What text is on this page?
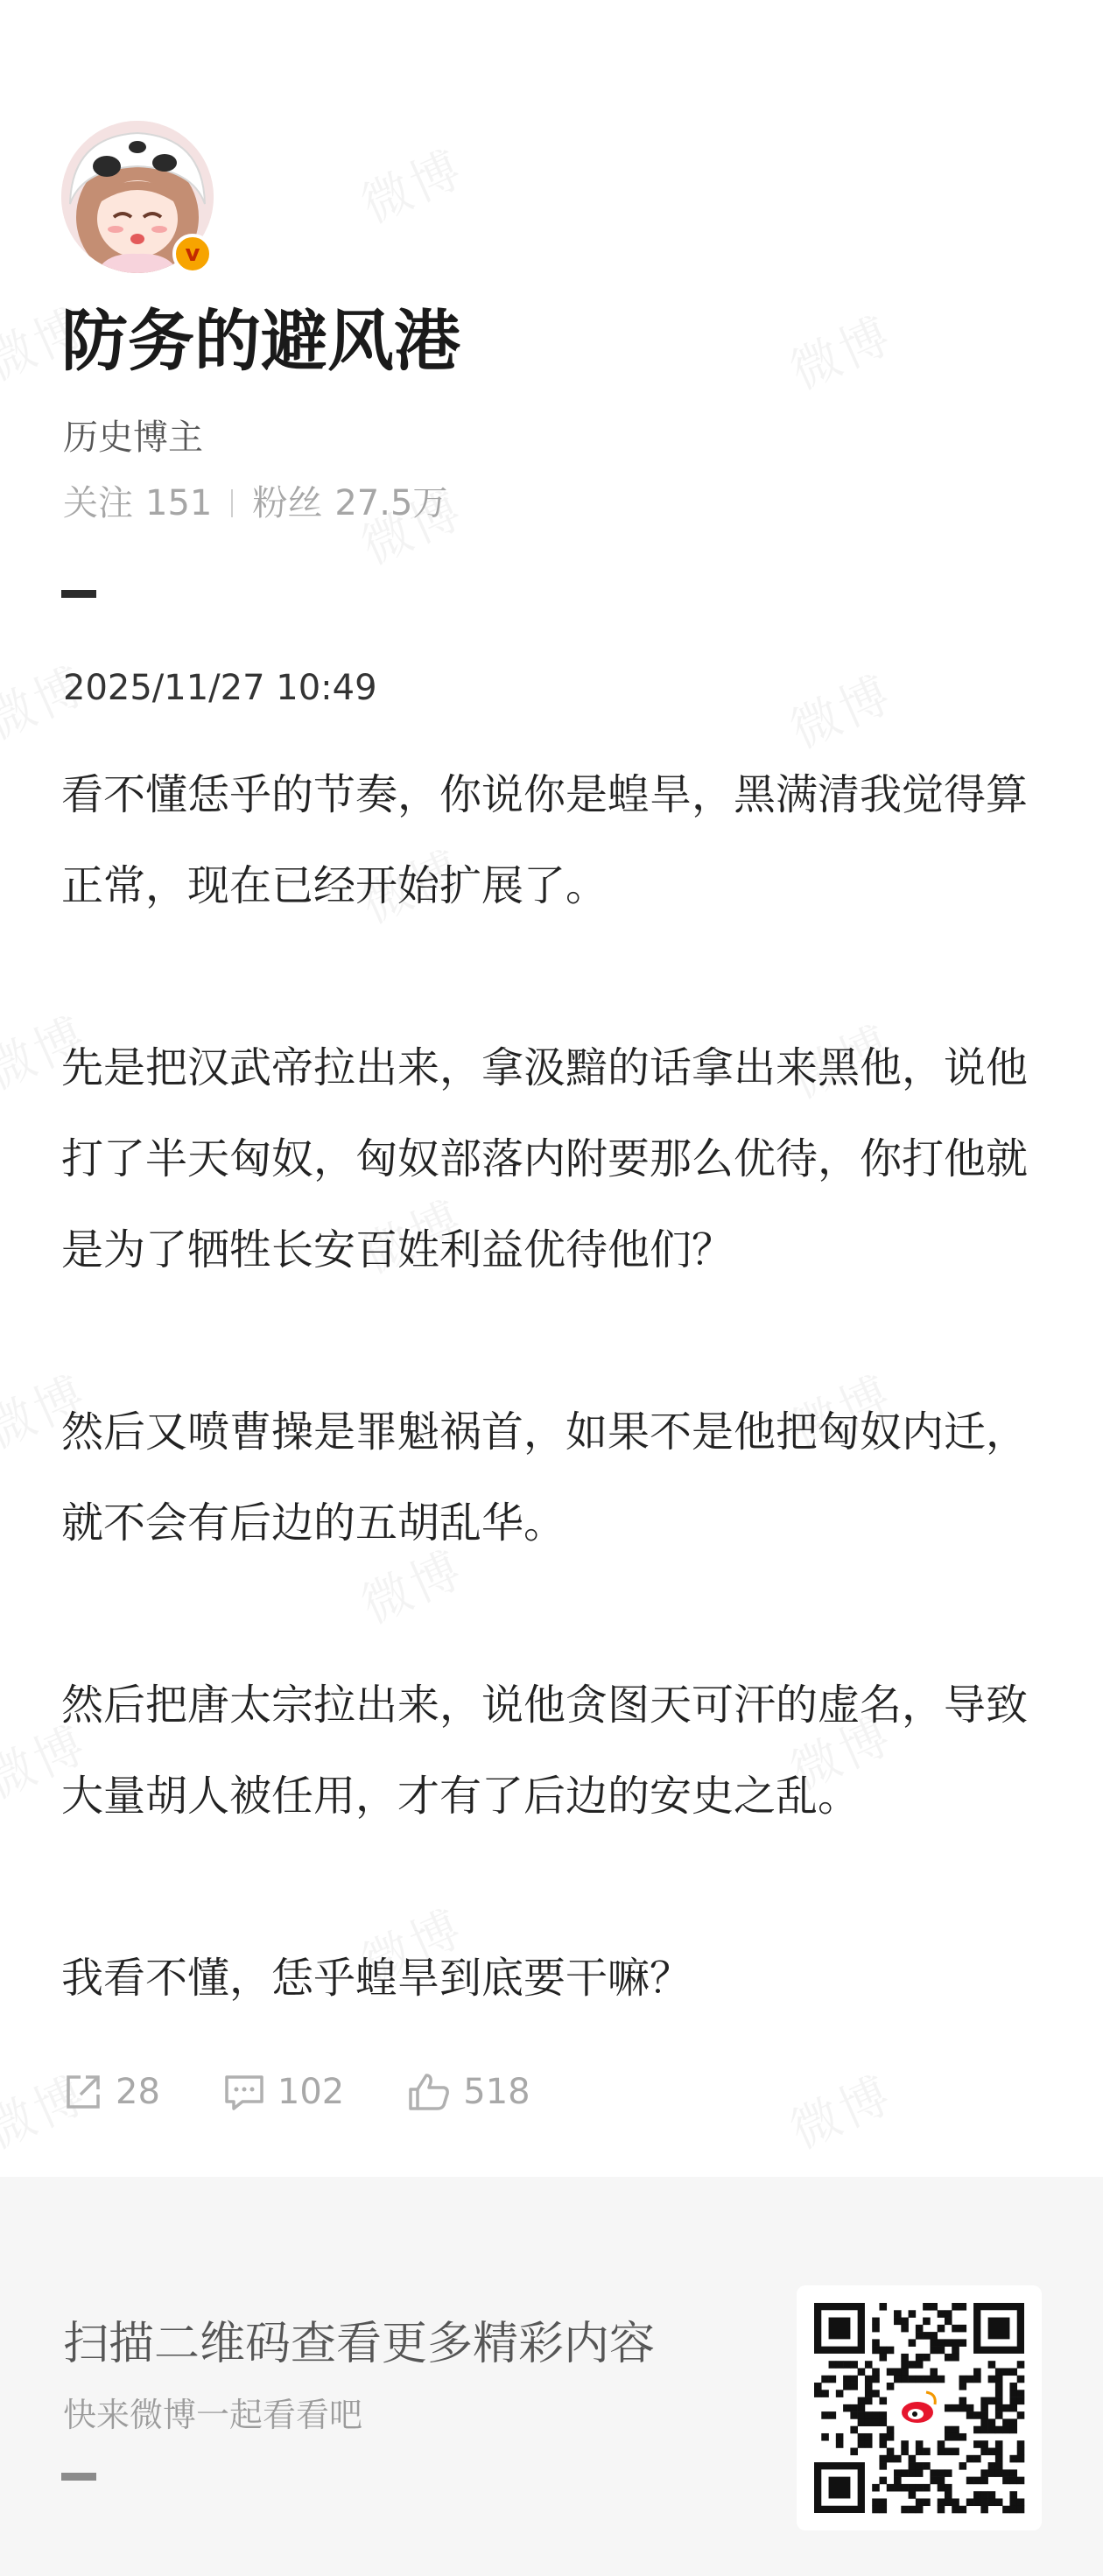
v
防务的避风港
历史博主
关注 151 粉丝 27.5万
2025/11/27 10:49

看不懂恁乎的节奏，你说你是蝗旱，黑满清我觉得算正常，现在已经开始扩展了。

先是把汉武帝拉出来，拿汲黯的话拿出来黑他，说他打了半天匈奴，匈奴部落内附要那么优待，你打他就是为了牺牲长安百姓利益优待他们？

然后又喷曹操是罪魁祸首，如果不是他把匈奴内迁，就不会有后边的五胡乱华。

然后把唐太宗拉出来，说他贪图天可汗的虚名，导致大量胡人被任用，才有了后边的安史之乱。

我看不懂，恁乎蝗旱到底要干嘛？

28	102	518
扫描二维码查看更多精彩内容
快来微博一起看看吧
